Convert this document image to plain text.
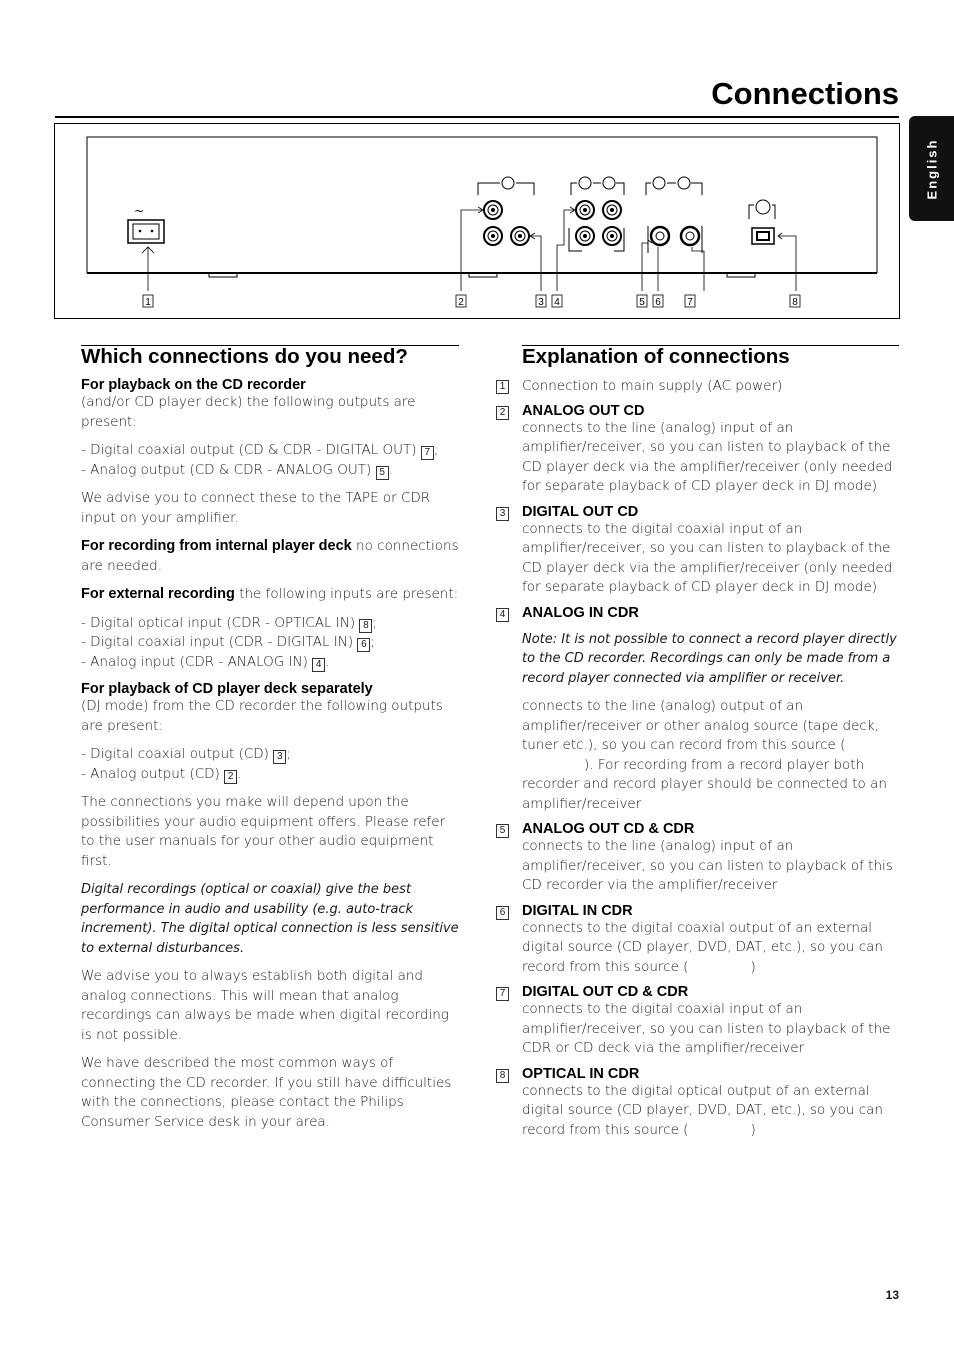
Connections
English
~
1	2	3 4	5 6	7	8
Which connections do you need?
For playback on the CD recorder

(and/or CD player deck) the following outputs are present:

- Digital coaxial output (CD & CDR - DIGITAL OUT) 7 ;
- Analog output (CD & CDR - ANALOG OUT) 5 .

We advise you to connect these to the TAPE or CDR input on your amplifier.

For recording from internal player deck no connections are needed.

For external recording the following inputs are present:

- Digital optical input (CDR - OPTICAL IN) 8 ;
- Digital coaxial input (CDR - DIGITAL IN) 6 ;
- Analog input (CDR - ANALOG IN) 4 .
For playback of CD player deck separately

(DJ mode) from the CD recorder the following outputs are present:

- Digital coaxial output (CD) 3 ;
- Analog output (CD) 2 .

The connections you make will depend upon the possibilities your audio equipment offers. Please refer to the user manuals for your other audio equipment first.

Digital recordings (optical or coaxial) give the best performance in audio and usability (e.g. auto-track increment). The digital optical connection is less sensitive to external disturbances.

We advise you to always establish both digital and analog connections. This will mean that analog recordings can always be made when digital recording is not possible.

We have described the most common ways of connecting the CD recorder. If you still have difficulties with the connections, please contact the Philips Consumer Service desk in your area.

Explanation of connections
1 Connection to main supply (AC power)

2 ANALOG OUT CD

connects to the line (analog) input of an amplifier/receiver, so you can listen to playback of the CD player deck via the amplifier/receiver (only needed for separate playback of CD player deck in DJ mode)

3 DIGITAL OUT CD

connects to the digital coaxial input of an amplifier/receiver, so you can listen to playback of the CD player deck via the amplifier/receiver (only needed for separate playback of CD player deck in DJ mode)

4 ANALOG IN CDR

Note: It is not possible to connect a record player directly to the CD recorder. Recordings can only be made from a record player connected via amplifier or receiver.

connects to the line (analog) output of an amplifier/receiver or other analog source (tape deck, tuner etc.), so you can record from this source (). For recording from a record player both recorder and record player should be connected to an amplifier/receiver

5 ANALOG OUT CD & CDR

connects to the line (analog) input of an amplifier/receiver, so you can listen to playback of this CD recorder via the amplifier/receiver

6 DIGITAL IN CDR

connects to the digital coaxial output of an external digital source (CD player, DVD, DAT, etc.), so you can record from this source (	)

7 DIGITAL OUT CD & CDR

connects to the digital coaxial input of an amplifier/receiver, so you can listen to playback of the CDR or CD deck via the amplifier/receiver

8 OPTICAL IN CDR

connects to the digital optical output of an external digital source (CD player, DVD, DAT, etc.), so you can record from this source (	)

13
